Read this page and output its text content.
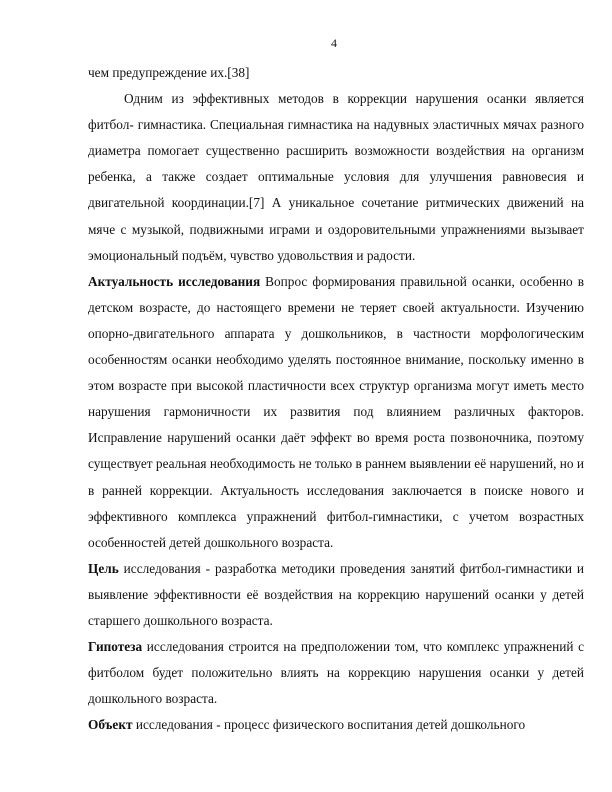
4

чем предупреждение их.[38]

Одним из эффективных методов в коррекции нарушения осанки является фитбол- гимнастика. Специальная гимнастика на надувных эластичных мячах разного диаметра помогает существенно расширить возможности воздействия на организм ребенка, а также создает оптимальные условия для улучшения равновесия и двигательной координации.[7] А уникальное сочетание ритмических движений на мяче с музыкой, подвижными играми и оздоровительными упражнениями вызывает эмоциональный подъём, чувство удовольствия и радости.

Актуальность исследования Вопрос формирования правильной осанки, особенно в детском возрасте, до настоящего времени не теряет своей актуальности. Изучению опорно-двигательного аппарата у дошкольников, в частности морфологическим особенностям осанки необходимо уделять постоянное внимание, поскольку именно в этом возрасте при высокой пластичности всех структур организма могут иметь место нарушения гармоничности их развития под влиянием различных факторов. Исправление нарушений осанки даёт эффект во время роста позвоночника, поэтому существует реальная необходимость не только в раннем выявлении её нарушений, но и в ранней коррекции. Актуальность исследования заключается в поиске нового и эффективного комплекса упражнений фитбол-гимнастики, с учетом возрастных особенностей детей дошкольного возраста.

Цель исследования - разработка методики проведения занятий фитбол-гимнастики и выявление эффективности её воздействия на коррекцию нарушений осанки у детей старшего дошкольного возраста.

Гипотеза исследования строится на предположении том, что комплекс упражнений с фитболом будет положительно влиять на коррекцию нарушения осанки у детей дошкольного возраста.

Объект исследования - процесс физического воспитания детей дошкольного
